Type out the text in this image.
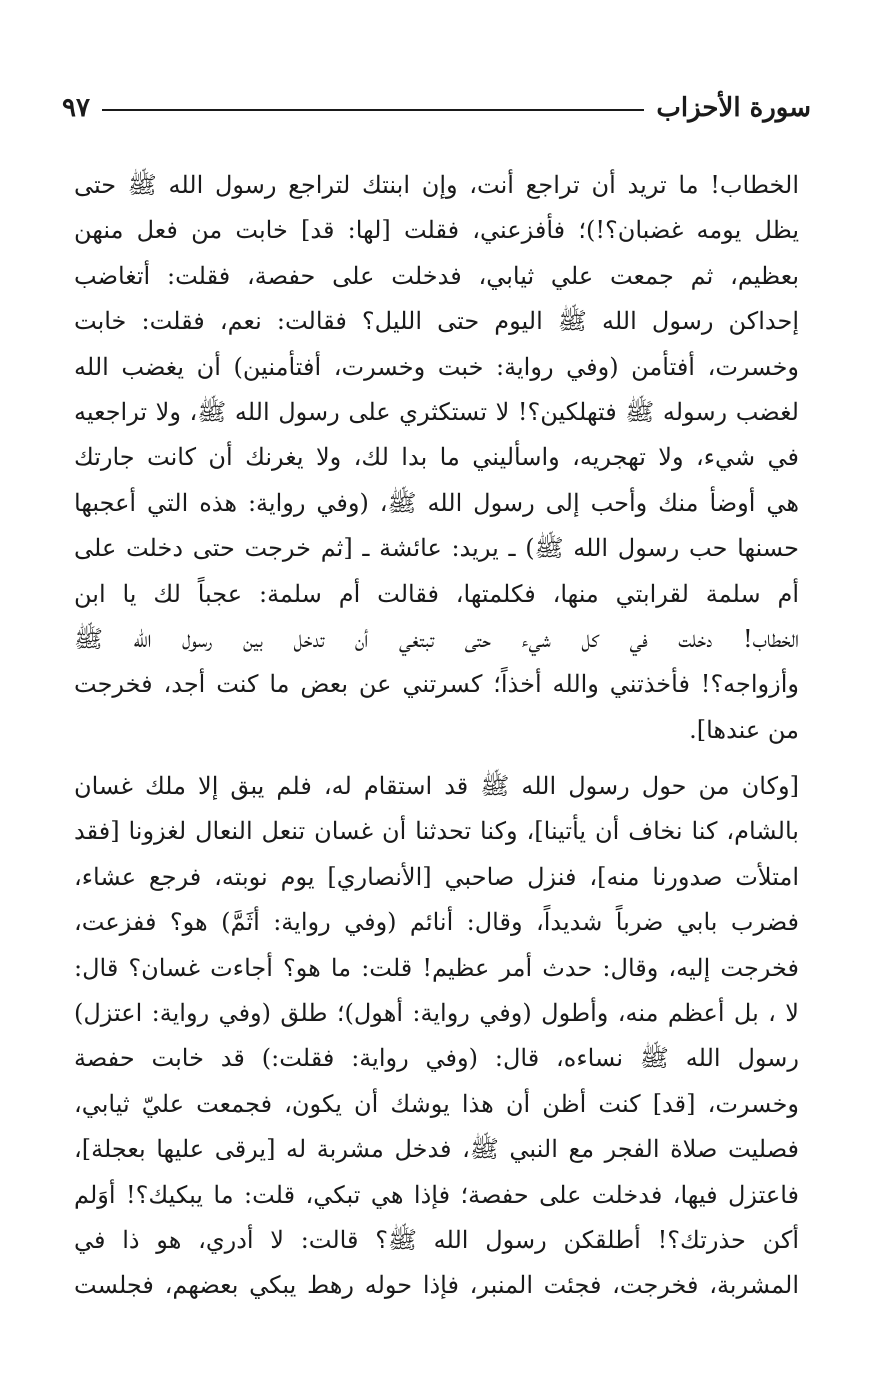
سورة الأحزاب
٩٧

الخطاب! ما تريد أن تراجع أنت، وإن ابنتك لتراجع رسول الله ﷺ حتى
يظل يومه غضبان؟!)؛ فأفزعني، فقلت [لها: قد] خابت من فعل منهن
بعظيم، ثم جمعت علي ثيابي، فدخلت على حفصة، فقلت: أتغاضب
إحداكن رسول الله ﷺ اليوم حتى الليل؟ فقالت: نعم، فقلت: خابت
وخسرت، أفتأمن (وفي رواية: خبت وخسرت، أفتأمنين) أن يغضب الله
لغضب رسوله ﷺ فتهلكين؟! لا تستكثري على رسول الله ﷺ، ولا تراجعيه
في شيء، ولا تهجريه، واسأليني ما بدا لك، ولا يغرنك أن كانت جارتك
هي أوضأ منك وأحب إلى رسول الله ﷺ، (وفي رواية: هذه التي أعجبها
حسنها حب رسول الله ﷺ) ـ يريد: عائشة ـ [ثم خرجت حتى دخلت على
أم سلمة لقرابتي منها، فكلمتها، فقالت أم سلمة: عجباً لك يا ابن
الخطاب! دخلت في كل شيء حتى تبتغي أن تدخل بين رسول الله ﷺ
وأزواجه؟! فأخذتني والله أخذاً؛ كسرتني عن بعض ما كنت أجد، فخرجت
من عندها].

[وكان من حول رسول الله ﷺ قد استقام له، فلم يبق إلا ملك غسان
بالشام، كنا نخاف أن يأتينا]، وكنا تحدثنا أن غسان تنعل النعال لغزونا [فقد
امتلأت صدورنا منه]، فنزل صاحبي [الأنصاري] يوم نوبته، فرجع عشاء،
فضرب بابي ضرباً شديداً، وقال: أنائم (وفي رواية: أثَمَّ) هو؟ ففزعت،
فخرجت إليه، وقال: حدث أمر عظيم! قلت: ما هو؟ أجاءت غسان؟ قال:
لا ، بل أعظم منه، وأطول (وفي رواية: أهول)؛ طلق (وفي رواية: اعتزل)
رسول الله ﷺ نساءه، قال: (وفي رواية: فقلت:) قد خابت حفصة
وخسرت، [قد] كنت أظن أن هذا يوشك أن يكون، فجمعت عليّ ثيابي،
فصليت صلاة الفجر مع النبي ﷺ، فدخل مشربة له [يرقى عليها بعجلة]،
فاعتزل فيها، فدخلت على حفصة؛ فإذا هي تبكي، قلت: ما يبكيك؟! أوَلم
أكن حذرتك؟! أطلقكن رسول الله ﷺ؟ قالت: لا أدري، هو ذا في
المشربة، فخرجت، فجئت المنبر، فإذا حوله رهط يبكي بعضهم، فجلست
